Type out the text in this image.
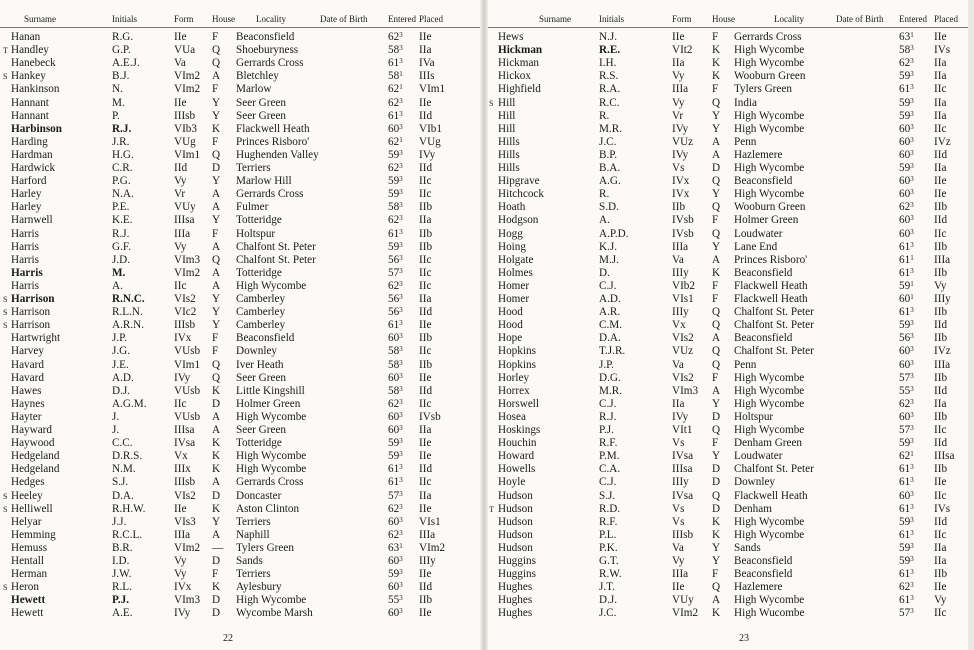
Surname	Initials	Form	House Locality	Date of Birth	Entered Placed
Hanan	R.G.	IIe	F	Beaconsfield	$62^3$	IIe
T Handley	G.P.	VUa	Q	Shoeburyness	$58^3$	IIa
Hanebeck	A.E.J.	Va	Q	Gerrards Cross	$61^3$	IVa
S Hankey	B.J.	VIm2	A	Bletchley	$58^1$	IIIs
Hankinson	N.	VIm2	F	Marlow	$62^1$	VIm1
Hannant	M.	IIe	Y	Seer Green	$62^3$	IIe
Hannant	P.	IIIsb	Y	Seer Green	$61^3$	IId
Harbinson	R.J.	VIb3	K	Flackwell Heath	$60^3$	VIb1
Harding	J.R.	VUg	F	Princes Risboro'	$62^1$	VUg
Hardman	H.G.	VIm1	Q	Hughenden Valley	$59^3$	IVy
Hardwick	C.R.	IId	D	Terriers	$62^3$	IId
Harford	P.G.	Vy	Y	Marlow Hill	$59^3$	IIc
Harley	N.A.	Vr	A	Gerrards Cross	$59^3$	IIc
Harley	P.E.	VUy	A	Fulmer	$58^3$	IIb
Harnwell	K.E.	IIIsa	Y	Totteridge	$62^3$	IIa
Harris	R.J.	IIIa	F	Holtspur	$61^3$	IIb
Harris	G.F.	Vy	A	Chalfont St. Peter	$59^3$	IIb
Harris	J.D.	VIm3	Q	Chalfont St. Peter	$56^3$	IIc
Harris	M.	VIm2	A	Totteridge	$57^3$	IIc
Harris	A.	IIc	A	High Wycombe	$62^3$	IIc
S Harrison	R.N.C.	VIs2	Y	Camberley	$56^3$	IIa
S Harrison	R.L.N.	VIc2	Y	Camberley	$56^3$	IId
S Harrison	A.R.N.	IIIsb	Y	Camberley	$61^3$	IIe
Hartwright	J.P.	IVx	F	Beaconsfield	$60^3$	IIb
Harvey	J.G.	VUsb	F	Downley	$58^3$	IIc
Havard	J.E.	VIm1	Q	Iver Heath	$58^3$	IIb
Havard	A.D.	IVy	Q	Seer Green	$60^3$	IIe
Hawes	D.J.	VUsb	K	Little Kingshill	$58^3$	IId
Haynes	A.G.M.	IIc	D	Holmer Green	$62^3$	IIc
Hayter	J.	VUsb	A	High Wycombe	$60^3$	IVsb
Hayward	J.	IIIsa	A	Seer Green	$60^3$	IIa
Haywood	C.C.	IVsa	K	Totteridge	$59^3$	IIe
Hedgeland	D.R.S.	Vx	K	High Wycombe	$59^3$	IIe
Hedgeland	N.M.	IIIx	K	High Wycombe	$61^3$	IId
Hedges	S.J.	IIIsb	A	Gerrards Cross	$61^3$	IIc
S Heeley	D.A.	VIs2	D	Doncaster	$57^3$	IIa
S Helliwell	R.H.W.	IIe	K	Aston Clinton	$62^3$	IIe
Helyar	J.J.	VIs3	Y	Terriers	$60^3$	VIs1
Hemming	R.C.L.	IIIa	A	Naphill	$62^3$	IIIa
Hemuss	B.R.	VIm2	—	Tylers Green	$63^1$	VIm2
Hentall	I.D.	Vy	D	Sands	$60^3$	IIIy
Herman	J.W.	Vy	F	Terriers	$59^3$	IIe
S Heron	R.L.	IVx	K	Aylesbury	$60^3$	IId
Hewett	P.J.	VIm3	D	High Wycombe	$55^3$	IIb
Hewett	A.E.	IVy	D	Wycombe Marsh	$60^3$	IIe
22
Surname	Initials	Form	House	Locality	Date of Birth	Entered Placed
Hews	N.J.	IIe	F	Gerrards Cross	$63^1$	IIe
Hickman	R.E.	VIt2	K	High Wycombe	$58^3$	IVs
Hickman	I.H.	IIa	K	High Wycombe	$62^3$	IIa
Hickox	R.S.	Vy	K	Wooburn Green	$59^3$	IIa
Highfield	R.A.	IIIa	F	Tylers Green	$61^3$	IIc
S Hill	R.C.	Vy	Q	India	$59^3$	IIa
Hill	R.	Vr	Y	High Wycombe	$59^3$	IIa
Hill	M.R.	IVy	Y	High Wycombe	$60^3$	IIc
Hills	J.C.	VUz	A	Penn	$60^3$	IVz
Hills	B.P.	IVy	A	Hazlemere	$60^3$	IId
Hills	B.A.	Vs	D	High Wycombe	$59^3$	IIa
Hipgrave	A.G.	IVx	Q	Beaconsfield	$60^3$	IIe
Hitchcock	R.	IVx	Y	High Wycombe	$60^3$	IIe
Hoath	S.D.	IIb	Q	Wooburn Green	$62^3$	IIb
Hodgson	A.	IVsb	F	Holmer Green	$60^3$	IId
Hogg	A.P.D.	IVsb	Q	Loudwater	$60^3$	IIc
Hoing	K.J.	IIIa	Y	Lane End	$61^3$	IIb
Holgate	M.J.	Va	A	Princes Risboro'	$61^1$	IIIa
Holmes	D.	IIIy	K	Beaconsfield	$61^3$	IIb
Homer	C.J.	VIb2	F	Flackwell Heath	$59^1$	Vy
Homer	A.D.	VIs1	F	Flackwell Heath	$60^1$	IIIy
Hood	A.R.	IIIy	Q	Chalfont St. Peter	$61^3$	IIb
Hood	C.M.	Vx	Q	Chalfont St. Peter	$59^3$	IId
Hope	D.A.	VIs2	A	Beaconsfield	$56^3$	IIb
Hopkins	T.J.R.	VUz	Q	Chalfont St. Peter	$60^3$	IVz
Hopkins	J.P.	Va	Q	Penn	$60^3$	IIIa
Horley	D.G.	VIs2	F	High Wycombe	$57^3$	IIb
Horrex	M.R.	VIm3	A	High Wycombe	$55^3$	IId
Horswell	C.J.	IIa	Y	High Wycombe	$62^3$	IIa
Hosea	R.J.	IVy	D	Holtspur	$60^3$	IIb
Hoskings	P.J.	VIt1	Q	High Wycombe	$57^3$	IIc
Houchin	R.F.	Vs	F	Denham Green	$59^3$	IId
Howard	P.M.	IVsa	Y	Loudwater	$62^1$	IIIsa
Howells	C.A.	IIIsa	D	Chalfont St. Peter	$61^3$	IIb
Hoyle	C.J.	IIIy	D	Downley	$61^3$	IIe
Hudson	S.J.	IVsa	Q	Flackwell Heath	$60^3$	IIc
T Hudson	R.D.	Vs	D	Denham	$61^3$	IVs
Hudson	R.F.	Vs	K	High Wycombe	$59^3$	IId
Hudson	P.L.	IIIsb	K	High Wycombe	$61^3$	IIc
Hudson	P.K.	Va	Y	Sands	$59^3$	IIa
Huggins	G.T.	Vy	Y	Beaconsfield	$59^3$	IIa
Huggins	R.W.	IIIa	F	Beaconsfield	$61^3$	IIb
Hughes	J.T.	IIe	Q	Hazlemere	$62^3$	IIe
Hughes	D.J.	VUy	A	High Wycombe	$61^3$	Vy
Hughes	J.C.	VIm2	K	High Wucombe	$57^3$	IIc
23
